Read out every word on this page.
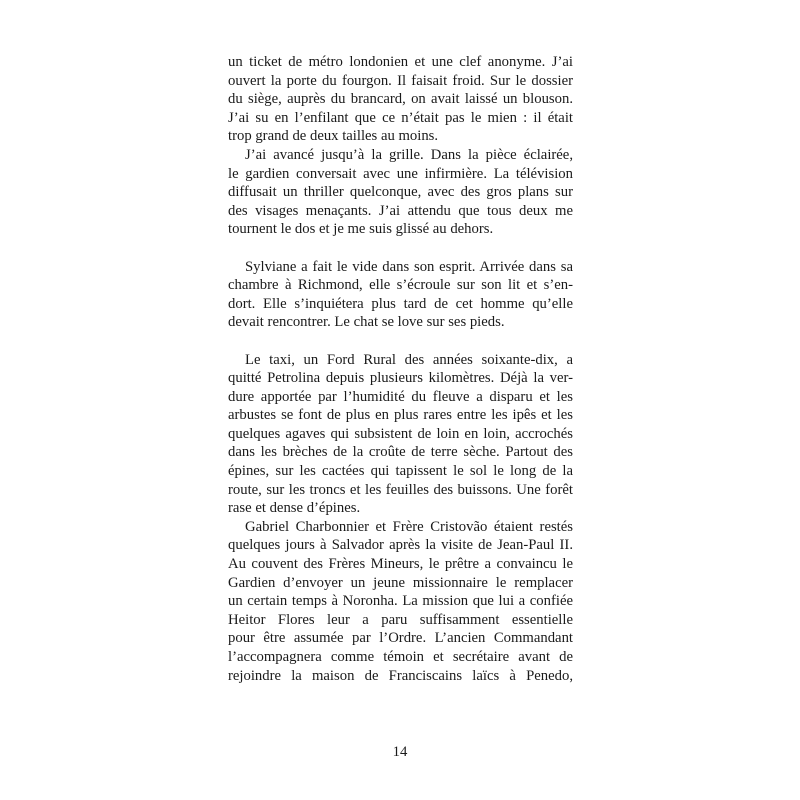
un ticket de métro londonien et une clef anonyme. J’ai
ouvert la porte du fourgon. Il faisait froid. Sur le dossier
du siège, auprès du brancard, on avait laissé un blouson.
J’ai su en l’enfilant que ce n’était pas le mien : il était
trop grand de deux tailles au moins.
J’ai avancé jusqu’à la grille. Dans la pièce éclairée,
le gardien conversait avec une infirmière. La télévision
diffusait un thriller quelconque, avec des gros plans sur
des visages menaçants. J’ai attendu que tous deux me
tournent le dos et je me suis glissé au dehors.
Sylviane a fait le vide dans son esprit. Arrivée dans sa
chambre à Richmond, elle s’écroule sur son lit et s’en-
dort. Elle s’inquiétera plus tard de cet homme qu’elle
devait rencontrer. Le chat se love sur ses pieds.
Le taxi, un Ford Rural des années soixante-dix, a
quitté Petrolina depuis plusieurs kilomètres. Déjà la ver-
dure apportée par l’humidité du fleuve a disparu et les
arbustes se font de plus en plus rares entre les ipês et les
quelques agaves qui subsistent de loin en loin, accrochés
dans les brèches de la croûte de terre sèche. Partout des
épines, sur les cactées qui tapissent le sol le long de la
route, sur les troncs et les feuilles des buissons. Une forêt
rase et dense d’épines.
Gabriel Charbonnier et Frère Cristovão étaient restés
quelques jours à Salvador après la visite de Jean-Paul II.
Au couvent des Frères Mineurs, le prêtre a convaincu le
Gardien d’envoyer un jeune missionnaire le remplacer
un certain temps à Noronha. La mission que lui a confiée
Heitor Flores leur a paru suffisamment essentielle
pour être assumée par l’Ordre. L’ancien Commandant
l’accompagnera comme témoin et secrétaire avant de
rejoindre la maison de Franciscains laïcs à Penedo,
14
